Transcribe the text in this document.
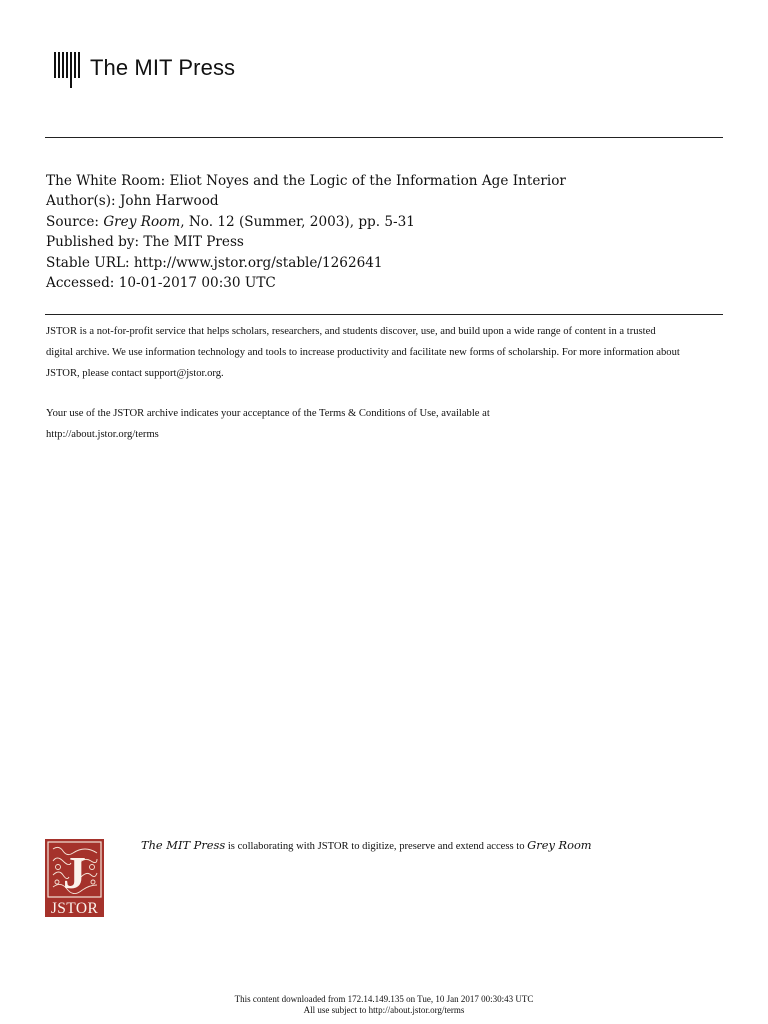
The MIT Press
The White Room: Eliot Noyes and the Logic of the Information Age Interior
Author(s): John Harwood
Source: Grey Room, No. 12 (Summer, 2003), pp. 5-31
Published by: The MIT Press
Stable URL: http://www.jstor.org/stable/1262641
Accessed: 10-01-2017 00:30 UTC
JSTOR is a not-for-profit service that helps scholars, researchers, and students discover, use, and build upon a wide range of content in a trusted
digital archive. We use information technology and tools to increase productivity and facilitate new forms of scholarship. For more information about
JSTOR, please contact support@jstor.org.
Your use of the JSTOR archive indicates your acceptance of the Terms & Conditions of Use, available at
http://about.jstor.org/terms
J
JSTOR
The MIT Press is collaborating with JSTOR to digitize, preserve and extend access to Grey Room
This content downloaded from 172.14.149.135 on Tue, 10 Jan 2017 00:30:43 UTC
All use subject to http://about.jstor.org/terms
